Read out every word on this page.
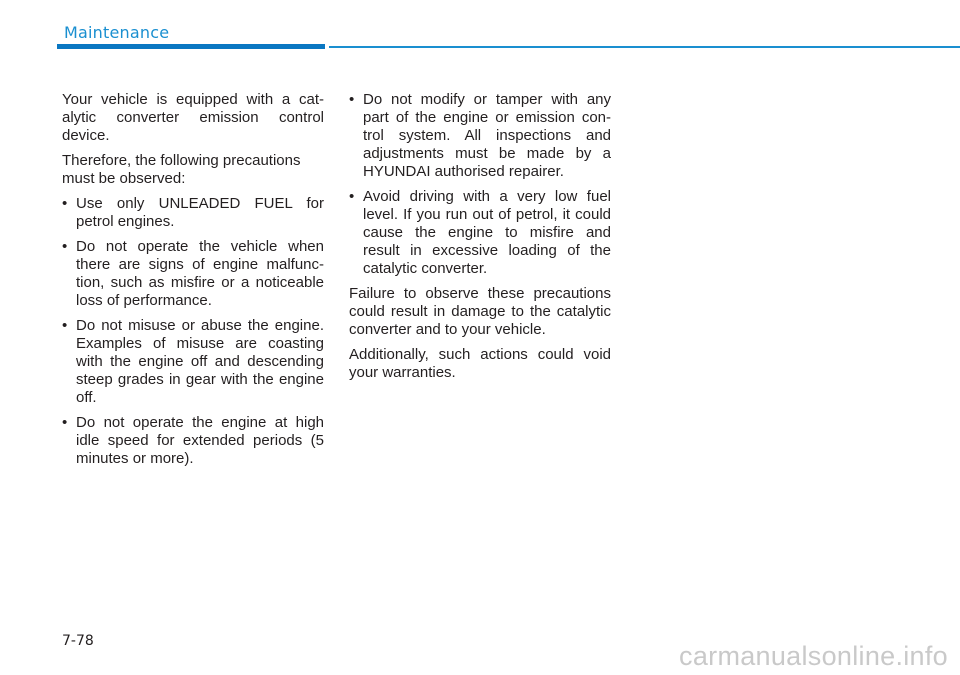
Maintenance

Your vehicle is equipped with a cat-alytic converter emission control device.

Therefore, the following precautions must be observed:

• Use only UNLEADED FUEL for petrol engines.
• Do not operate the vehicle when there are signs of engine malfunc-tion, such as misfire or a noticeable loss of performance.
• Do not misuse or abuse the engine. Examples of misuse are coasting with the engine off and descending steep grades in gear with the engine off.
• Do not operate the engine at high idle speed for extended periods (5 minutes or more).
• Do not modify or tamper with any part of the engine or emission con-trol system. All inspections and adjustments must be made by a HYUNDAI authorised repairer.
• Avoid driving with a very low fuel level. If you run out of petrol, it could cause the engine to misfire and result in excessive loading of the catalytic converter.

Failure to observe these precautions could result in damage to the catalytic converter and to your vehicle.

Additionally, such actions could void your warranties.

7-78	carmanualsonline.info
